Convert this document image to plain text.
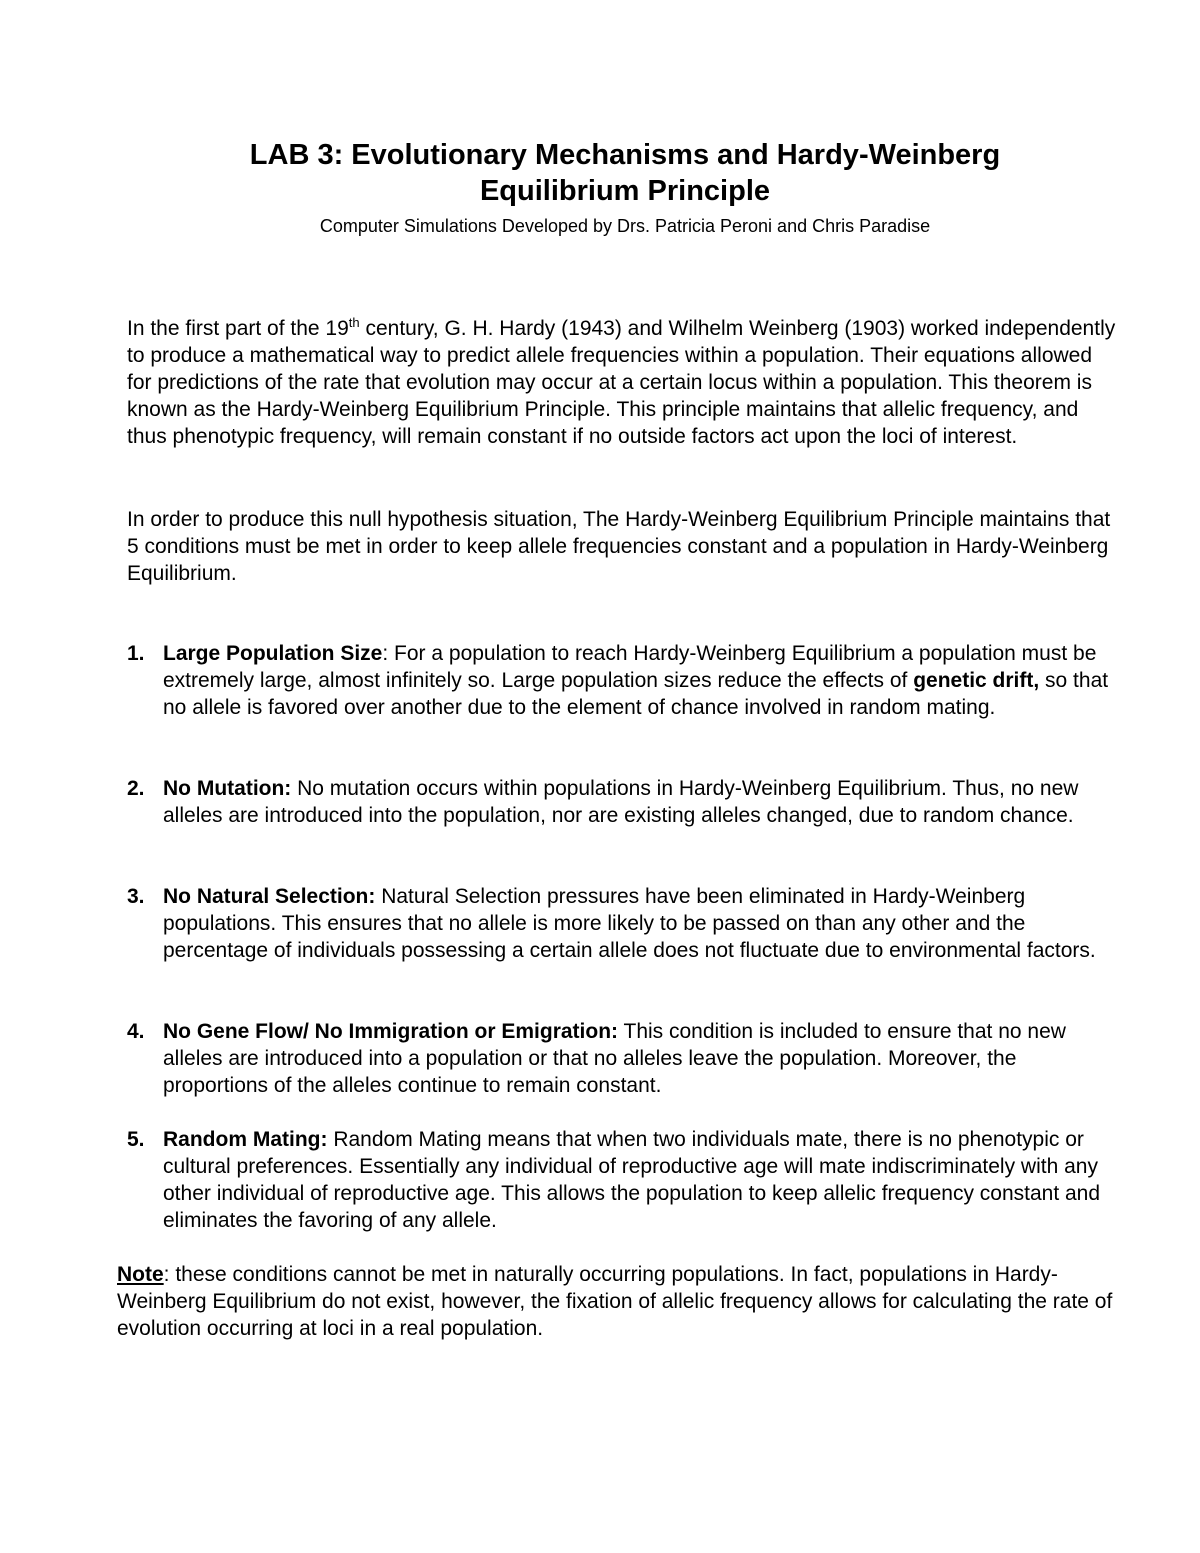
LAB 3: Evolutionary Mechanisms and Hardy-Weinberg
Equilibrium Principle
Computer Simulations Developed by Drs. Patricia Peroni and Chris Paradise

In the first part of the 19th century, G. H. Hardy (1943) and Wilhelm Weinberg (1903) worked independently to produce a mathematical way to predict allele frequencies within a population. Their equations allowed for predictions of the rate that evolution may occur at a certain locus within a population. This theorem is known as the Hardy-Weinberg Equilibrium Principle. This principle maintains that allelic frequency, and thus phenotypic frequency, will remain constant if no outside factors act upon the loci of interest.

In order to produce this null hypothesis situation, The Hardy-Weinberg Equilibrium Principle maintains that 5 conditions must be met in order to keep allele frequencies constant and a population in Hardy-Weinberg Equilibrium.

1. Large Population Size: For a population to reach Hardy-Weinberg Equilibrium a population must be extremely large, almost infinitely so. Large population sizes reduce the effects of genetic drift, so that no allele is favored over another due to the element of chance involved in random mating.
2. No Mutation: No mutation occurs within populations in Hardy-Weinberg Equilibrium. Thus, no new alleles are introduced into the population, nor are existing alleles changed, due to random chance.
3. No Natural Selection: Natural Selection pressures have been eliminated in Hardy-Weinberg populations. This ensures that no allele is more likely to be passed on than any other and the percentage of individuals possessing a certain allele does not fluctuate due to environmental factors.
4. No Gene Flow/ No Immigration or Emigration: This condition is included to ensure that no new alleles are introduced into a population or that no alleles leave the population. Moreover, the proportions of the alleles continue to remain constant.
5. Random Mating: Random Mating means that when two individuals mate, there is no phenotypic or cultural preferences. Essentially any individual of reproductive age will mate indiscriminately with any other individual of reproductive age. This allows the population to keep allelic frequency constant and eliminates the favoring of any allele.

Note: these conditions cannot be met in naturally occurring populations. In fact, populations in Hardy-Weinberg Equilibrium do not exist, however, the fixation of allelic frequency allows for calculating the rate of evolution occurring at loci in a real population.
